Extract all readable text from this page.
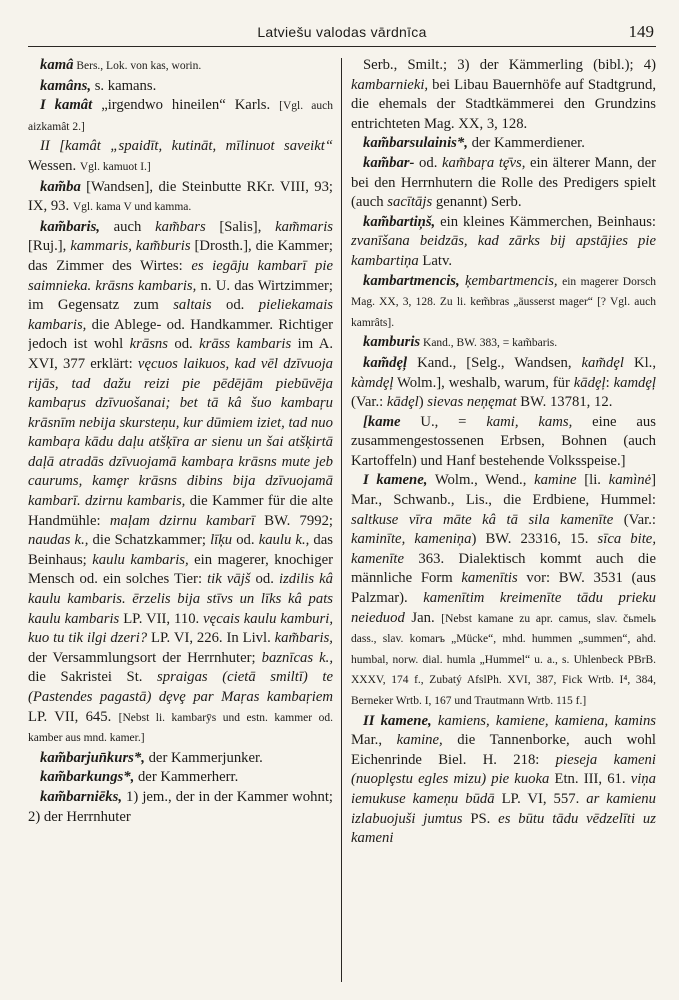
Latviešu valodas vārdnīca	149

kamâ Bers., Lok. von kas, worin.

kamâns, s. kamans.

I kamât „irgendwo hineilen“ Karls. [Vgl. auch aizkamât 2.]

II [kamât „spaidīt, kutināt, mīlinuot saveikt“ Wessen. Vgl. kamuot I.]

kam̃ba [Wandsen], die Steinbutte RKr. VIII, 93; IX, 93. Vgl. kama V und kamma.

kam̃baris, auch kam̃bars [Salis], kam̃maris [Ruj.], kammaris, kam̃buris [Drosth.], die Kammer; das Zimmer des Wirtes: es iegāju kambarī pie saimnieka. krāsns kambaris, n. U. das Wirtzimmer; im Gegensatz zum saltais od. pieliekamais kambaris, die Ablege- od. Handkammer. Richtiger jedoch ist wohl krāsns od. krāss kambaris im A. XVI, 377 erklärt: vęcuos laikuos, kad vēl dzīvuoja rijās, tad dažu reizi pie pēdējām piebūvēja kambaŗus dzīvuošanai; bet tā kâ šuo kambaŗu krāsnīm nebija skursteņu, kur dūmiem iziet, tad nuo kambaŗa kādu daļu atšķīra ar sienu un šai atšķirtā daļā atradās dzīvuojamā kambaŗa krāsns mute jeb caurums, kamȩr krāsns dibins bija dzīvuojamā kambarī. dzirnu kambaris, die Kammer für die alte Handmühle: maļam dzirnu kambarī BW. 7992; naudas k., die Schatzkammer; līķu od. kaulu k., das Beinhaus; kaulu kambaris, ein magerer, knochiger Mensch od. ein solches Tier: tik vājš od. izdilis kâ kaulu kambaris. ērzelis bija stīvs un līks kâ pats kaulu kambaris LP. VII, 110. vęcais kaulu kamburi, kuo tu tik ilgi dzeri? LP. VI, 226. In Livl. kam̃baris, der Versammlungsort der Herrnhuter; baznīcas k., die Sakristei St. spraigas (cietā smiltī) te (Pastendes pagastā) dȩvȩ par Maŗas kambaŗiem LP. VII, 645. [Nebst li. kambarȳs und estn. kammer od. kamber aus mnd. kamer.]

kam̃barjun̄kurs*, der Kammerjunker.

kam̃barkungs*, der Kammerherr.

kam̃barniēks, 1) jem., der in der Kammer wohnt; 2) der Herrnhuter

Serb., Smilt.; 3) der Kämmerling (bibl.); 4) kambarnieki, bei Libau Bauernhöfe auf Stadtgrund, die ehemals der Stadtkämmerei den Grundzins entrichteten Mag. XX, 3, 128.

kam̃barsulainis*, der Kammerdiener.

kam̃bar- od. kam̃baŗa tȩ̄vs, ein älterer Mann, der bei den Herrnhutern die Rolle des Predigers spielt (auch sacītājs genannt) Serb.

kam̃bartiņš, ein kleines Kämmerchen, Beinhaus: zvanīšana beidzās, kad zārks bij apstājies pie kambartiņa Latv.

kambartmencis, ķembartmencis, ein magerer Dorsch Mag. XX, 3, 128. Zu li. kem̃bras „äusserst mager“ [? Vgl. auch kamrâts].

kamburis Kand., BW. 383, = kam̃baris.

kam̃dȩļ Kand., [Selg., Wandsen, kam̃dȩl Kl., kàmdȩļ Wolm.], weshalb, warum, für kādȩļ: kamdȩļ (Var.: kādȩl) sievas neņęmat BW. 13781, 12.

[kame U., = kami, kams, eine aus zusammengestossenen Erbsen, Bohnen (auch Kartoffeln) und Hanf bestehende Volksspeise.]

I kamene, Wolm., Wend., kamine [li. kamìnė] Mar., Schwanb., Lis., die Erdbiene, Hummel: saltkuse vīra māte kâ tā sila kamenīte (Var.: kaminīte, kameniņa) BW. 23316, 15. sīca bite, kamenīte 363. Dialektisch kommt auch die männliche Form kamenītis vor: BW. 3531 (aus Palzmar). kamenītim kreimenīte tādu prieku neieduod Jan. [Nebst kamane zu apr. camus, slav. čьmelь dass., slav. komarъ „Mücke“, mhd. hummen „summen“, ahd. humbal, norw. dial. humla „Hummel“ u. a., s. Uhlenbeck PBrB. XXXV, 174 f., Zubatý AfslPh. XVI, 387, Fick Wrtb. I⁴, 384, Berneker Wrtb. I, 167 und Trautmann Wrtb. 115 f.]

II kamene, kamiens, kamiene, kamiena, kamins Mar., kamine, die Tannenborke, auch wohl Eichenrinde Biel. H. 218: pieseja kameni (nuoplȩstu egles mizu) pie kuoka Etn. III, 61. viņa iemukuse kameņu būdā LP. VI, 557. ar kamienu izlabuojuši jumtus PS. es būtu tādu vēdzelīti uz kameni
